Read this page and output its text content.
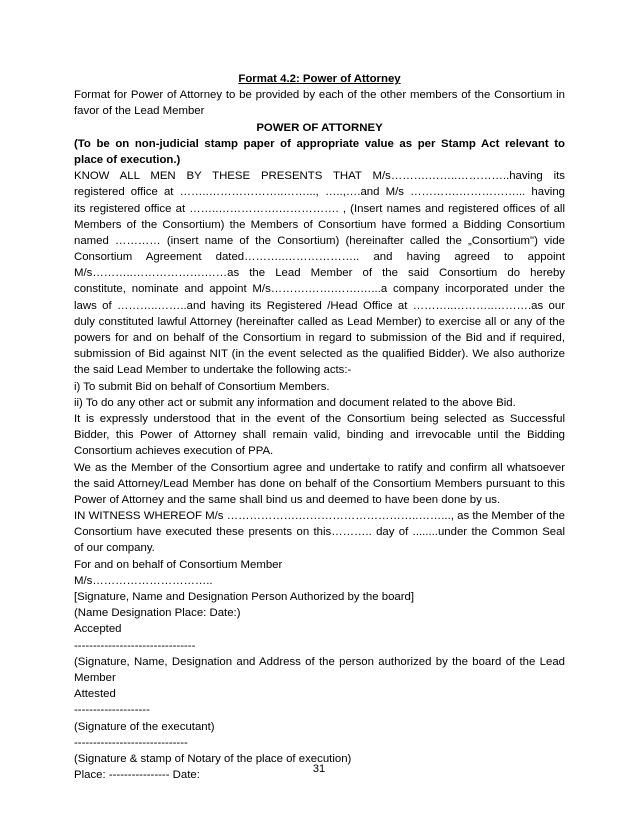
Format 4.2: Power of Attorney
Format for Power of Attorney to be provided by each of the other members of the Consortium in
favor of the Lead Member
POWER OF ATTORNEY
(To be on non-judicial stamp paper of appropriate value as per Stamp Act relevant to
place of execution.)
KNOW ALL MEN BY THESE PRESENTS THAT M/s……….……..…………..having its
registered office at ……..………………..……..., …..,….and M/s ………….……………... having
its registered office at ……..…………….……………. , (Insert names and registered offices of all
Members of the Consortium) the Members of Consortium have formed a Bidding Consortium
named ………… (insert name of the Consortium) (hereinafter called the „Consortium") vide
Consortium Agreement dated………..……………….. and having agreed to appoint
M/s………..……………….……as the Lead Member of the said Consortium do hereby
constitute, nominate and appoint M/s……….…….…….…...a company incorporated under the
laws of ………..……..and having its Registered /Head Office at ………..………..……….as our
duly constituted lawful Attorney (hereinafter called as Lead Member) to exercise all or any of the
powers for and on behalf of the Consortium in regard to submission of the Bid and if required,
submission of Bid against NIT (in the event selected as the qualified Bidder). We also authorize
the said Lead Member to undertake the following acts:-
i) To submit Bid on behalf of Consortium Members.
ii) To do any other act or submit any information and document related to the above Bid.
It is expressly understood that in the event of the Consortium being selected as Successful
Bidder, this Power of Attorney shall remain valid, binding and irrevocable until the Bidding
Consortium achieves execution of PPA.
We as the Member of the Consortium agree and undertake to ratify and confirm all whatsoever
the said Attorney/Lead Member has done on behalf of the Consortium Members pursuant to this
Power of Attorney and the same shall bind us and deemed to have been done by us.
IN WITNESS WHEREOF M/s ……………….…………………………..……..., as the Member of the
Consortium have executed these presents on this……….. day of ........under the Common Seal
of our company.
For and on behalf of Consortium Member
M/s…………………………..
[Signature, Name and Designation Person Authorized by the board]
(Name Designation Place: Date:)
Accepted
--------------------------------
(Signature, Name, Designation and Address of the person authorized by the board of the Lead
Member
Attested
--------------------
(Signature of the executant)
------------------------------
(Signature & stamp of Notary of the place of execution)
Place: ---------------- Date:
31
